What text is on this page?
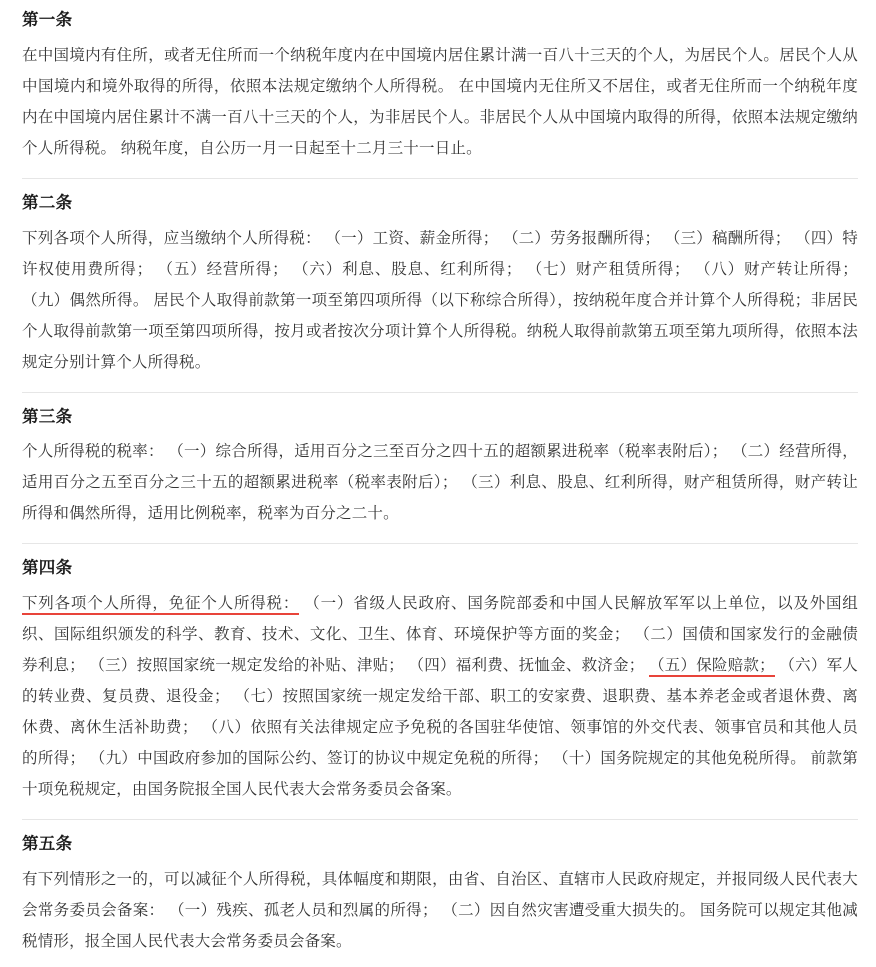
第一条

在中国境内有住所，或者无住所而一个纳税年度内在中国境内居住累计满一百八十三天的个人，为居民个人。居民个人从中国境内和境外取得的所得，依照本法规定缴纳个人所得税。 在中国境内无住所又不居住，或者无住所而一个纳税年度内在中国境内居住累计不满一百八十三天的个人，为非居民个人。非居民个人从中国境内取得的所得，依照本法规定缴纳个人所得税。 纳税年度，自公历一月一日起至十二月三十一日止。

第二条

下列各项个人所得，应当缴纳个人所得税： （一）工资、薪金所得； （二）劳务报酬所得； （三）稿酬所得； （四）特许权使用费所得； （五）经营所得； （六）利息、股息、红利所得； （七）财产租赁所得； （八）财产转让所得； （九）偶然所得。 居民个人取得前款第一项至第四项所得（以下称综合所得），按纳税年度合并计算个人所得税；非居民个人取得前款第一项至第四项所得，按月或者按次分项计算个人所得税。纳税人取得前款第五项至第九项所得，依照本法规定分别计算个人所得税。

第三条

个人所得税的税率： （一）综合所得，适用百分之三至百分之四十五的超额累进税率（税率表附后）； （二）经营所得，适用百分之五至百分之三十五的超额累进税率（税率表附后）； （三）利息、股息、红利所得，财产租赁所得，财产转让所得和偶然所得，适用比例税率，税率为百分之二十。

第四条

下列各项个人所得，免征个人所得税： （一）省级人民政府、国务院部委和中国人民解放军军以上单位，以及外国组织、国际组织颁发的科学、教育、技术、文化、卫生、体育、环境保护等方面的奖金； （二）国债和国家发行的金融债券利息； （三）按照国家统一规定发给的补贴、津贴； （四）福利费、抚恤金、救济金； （五）保险赔款； （六）军人的转业费、复员费、退役金； （七）按照国家统一规定发给干部、职工的安家费、退职费、基本养老金或者退休费、离休费、离休生活补助费； （八）依照有关法律规定应予免税的各国驻华使馆、领事馆的外交代表、领事官员和其他人员的所得； （九）中国政府参加的国际公约、签订的协议中规定免税的所得； （十）国务院规定的其他免税所得。 前款第十项免税规定，由国务院报全国人民代表大会常务委员会备案。

第五条

有下列情形之一的，可以减征个人所得税，具体幅度和期限，由省、自治区、直辖市人民政府规定，并报同级人民代表大会常务委员会备案： （一）残疾、孤老人员和烈属的所得； （二）因自然灾害遭受重大损失的。 国务院可以规定其他减税情形，报全国人民代表大会常务委员会备案。
